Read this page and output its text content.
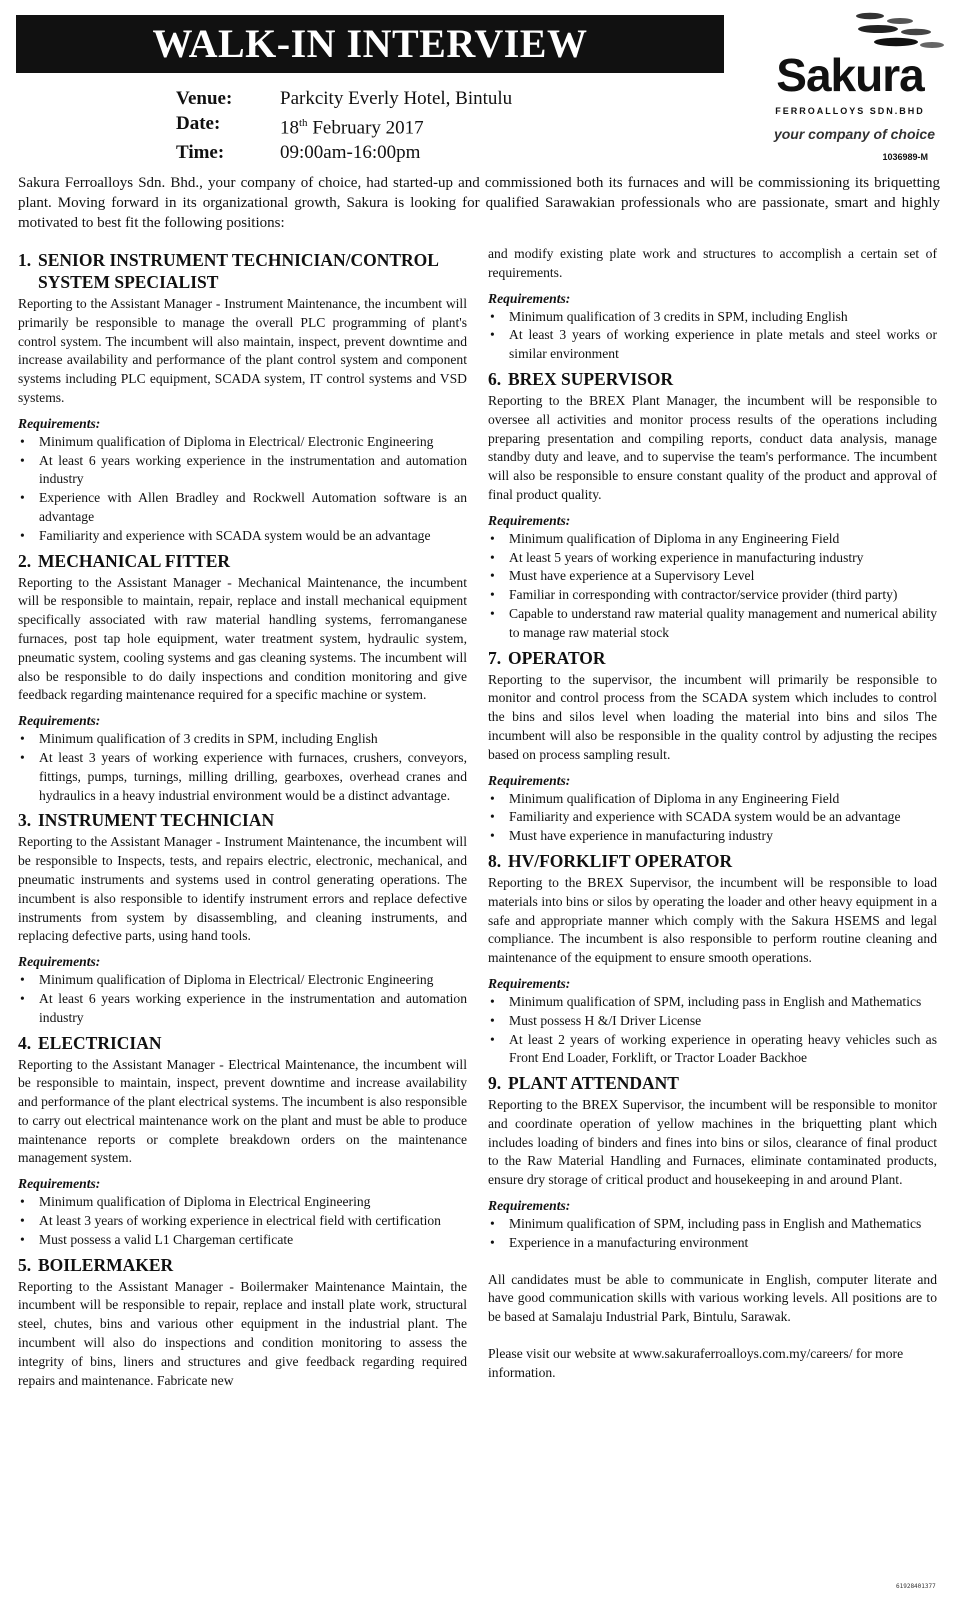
WALK-IN INTERVIEW
Venue:	Parkcity Everly Hotel, Bintulu
Date:	18th February 2017
Time:	09:00am-16:00pm
Sakura
FERROALLOYS SDN.BHD
your company of choice
1036989-M

Sakura Ferroalloys Sdn. Bhd., your company of choice, had started-up and commissioned both its furnaces and will be commissioning its briquetting plant. Moving forward in its organizational growth, Sakura is looking for qualified Sarawakian professionals who are passionate, smart and highly motivated to best fit the following positions:

1. SENIOR INSTRUMENT TECHNICIAN/CONTROL SYSTEM SPECIALIST

Reporting to the Assistant Manager - Instrument Maintenance, the incumbent will primarily be responsible to manage the overall PLC programming of plant's control system. The incumbent will also maintain, inspect, prevent downtime and increase availability and performance of the plant control system and component systems including PLC equipment, SCADA system, IT control systems and VSD systems.

Requirements:
• Minimum qualification of Diploma in Electrical/ Electronic Engineering
• At least 6 years working experience in the instrumentation and automation industry
• Experience with Allen Bradley and Rockwell Automation software is an advantage
• Familiarity and experience with SCADA system would be an advantage
2. MECHANICAL FITTER

Reporting to the Assistant Manager - Mechanical Maintenance, the incumbent will be responsible to maintain, repair, replace and install mechanical equipment specifically associated with raw material handling systems, ferromanganese furnaces, post tap hole equipment, water treatment system, hydraulic system, pneumatic system, cooling systems and gas cleaning systems. The incumbent will also be responsible to do daily inspections and condition monitoring and give feedback regarding maintenance required for a specific machine or system.

Requirements:
• Minimum qualification of 3 credits in SPM, including English
• At least 3 years of working experience with furnaces, crushers, conveyors, fittings, pumps, turnings, milling drilling, gearboxes, overhead cranes and hydraulics in a heavy industrial environment would be a distinct advantage.
3. INSTRUMENT TECHNICIAN

Reporting to the Assistant Manager - Instrument Maintenance, the incumbent will be responsible to Inspects, tests, and repairs electric, electronic, mechanical, and pneumatic instruments and systems used in control generating operations. The incumbent is also responsible to identify instrument errors and replace defective instruments from system by disassembling, and cleaning instruments, and replacing defective parts, using hand tools.

Requirements:
• Minimum qualification of Diploma in Electrical/ Electronic Engineering
• At least 6 years working experience in the instrumentation and automation industry
4. ELECTRICIAN

Reporting to the Assistant Manager - Electrical Maintenance, the incumbent will be responsible to maintain, inspect, prevent downtime and increase availability and performance of the plant electrical systems. The incumbent is also responsible to carry out electrical maintenance work on the plant and must be able to produce maintenance reports or complete breakdown orders on the maintenance management system.

Requirements:
• Minimum qualification of Diploma in Electrical Engineering
• At least 3 years of working experience in electrical field with certification
• Must possess a valid L1 Chargeman certificate
5. BOILERMAKER

Reporting to the Assistant Manager - Boilermaker Maintenance Maintain, the incumbent will be responsible to repair, replace and install plate work, structural steel, chutes, bins and various other equipment in the industrial plant. The incumbent will also do inspections and condition monitoring to assess the integrity of bins, liners and structures and give feedback regarding required repairs and maintenance. Fabricate new

and modify existing plate work and structures to accomplish a certain set of requirements.

Requirements:
• Minimum qualification of 3 credits in SPM, including English
• At least 3 years of working experience in plate metals and steel works or similar environment
6. BREX SUPERVISOR

Reporting to the BREX Plant Manager, the incumbent will be responsible to oversee all activities and monitor process results of the operations including preparing presentation and compiling reports, conduct data analysis, manage standby duty and leave, and to supervise the team's performance. The incumbent will also be responsible to ensure constant quality of the product and approval of final product quality.

Requirements:
• Minimum qualification of Diploma in any Engineering Field
• At least 5 years of working experience in manufacturing industry
• Must have experience at a Supervisory Level
• Familiar in corresponding with contractor/service provider (third party)
• Capable to understand raw material quality management and numerical ability to manage raw material stock
7. OPERATOR

Reporting to the supervisor, the incumbent will primarily be responsible to monitor and control process from the SCADA system which includes to control the bins and silos level when loading the material into bins and silos The incumbent will also be responsible in the quality control by adjusting the recipes based on process sampling result.

Requirements:
• Minimum qualification of Diploma in any Engineering Field
• Familiarity and experience with SCADA system would be an advantage
• Must have experience in manufacturing industry
8. HV/FORKLIFT OPERATOR

Reporting to the BREX Supervisor, the incumbent will be responsible to load materials into bins or silos by operating the loader and other heavy equipment in a safe and appropriate manner which comply with the Sakura HSEMS and legal compliance. The incumbent is also responsible to perform routine cleaning and maintenance of the equipment to ensure smooth operations.

Requirements:
• Minimum qualification of SPM, including pass in English and Mathematics
• Must possess H &/I Driver License
• At least 2 years of working experience in operating heavy vehicles such as Front End Loader, Forklift, or Tractor Loader Backhoe
9. PLANT ATTENDANT

Reporting to the BREX Supervisor, the incumbent will be responsible to monitor and coordinate operation of yellow machines in the briquetting plant which includes loading of binders and fines into bins or silos, clearance of final product to the Raw Material Handling and Furnaces, eliminate contaminated products, ensure dry storage of critical product and housekeeping in and around Plant.

Requirements:
• Minimum qualification of SPM, including pass in English and Mathematics
• Experience in a manufacturing environment

All candidates must be able to communicate in English, computer literate and have good communication skills with various working levels. All positions are to be based at Samalaju Industrial Park, Bintulu, Sarawak.

Please visit our website at www.sakuraferroalloys.com.my/careers/ for more information.

61928401377
